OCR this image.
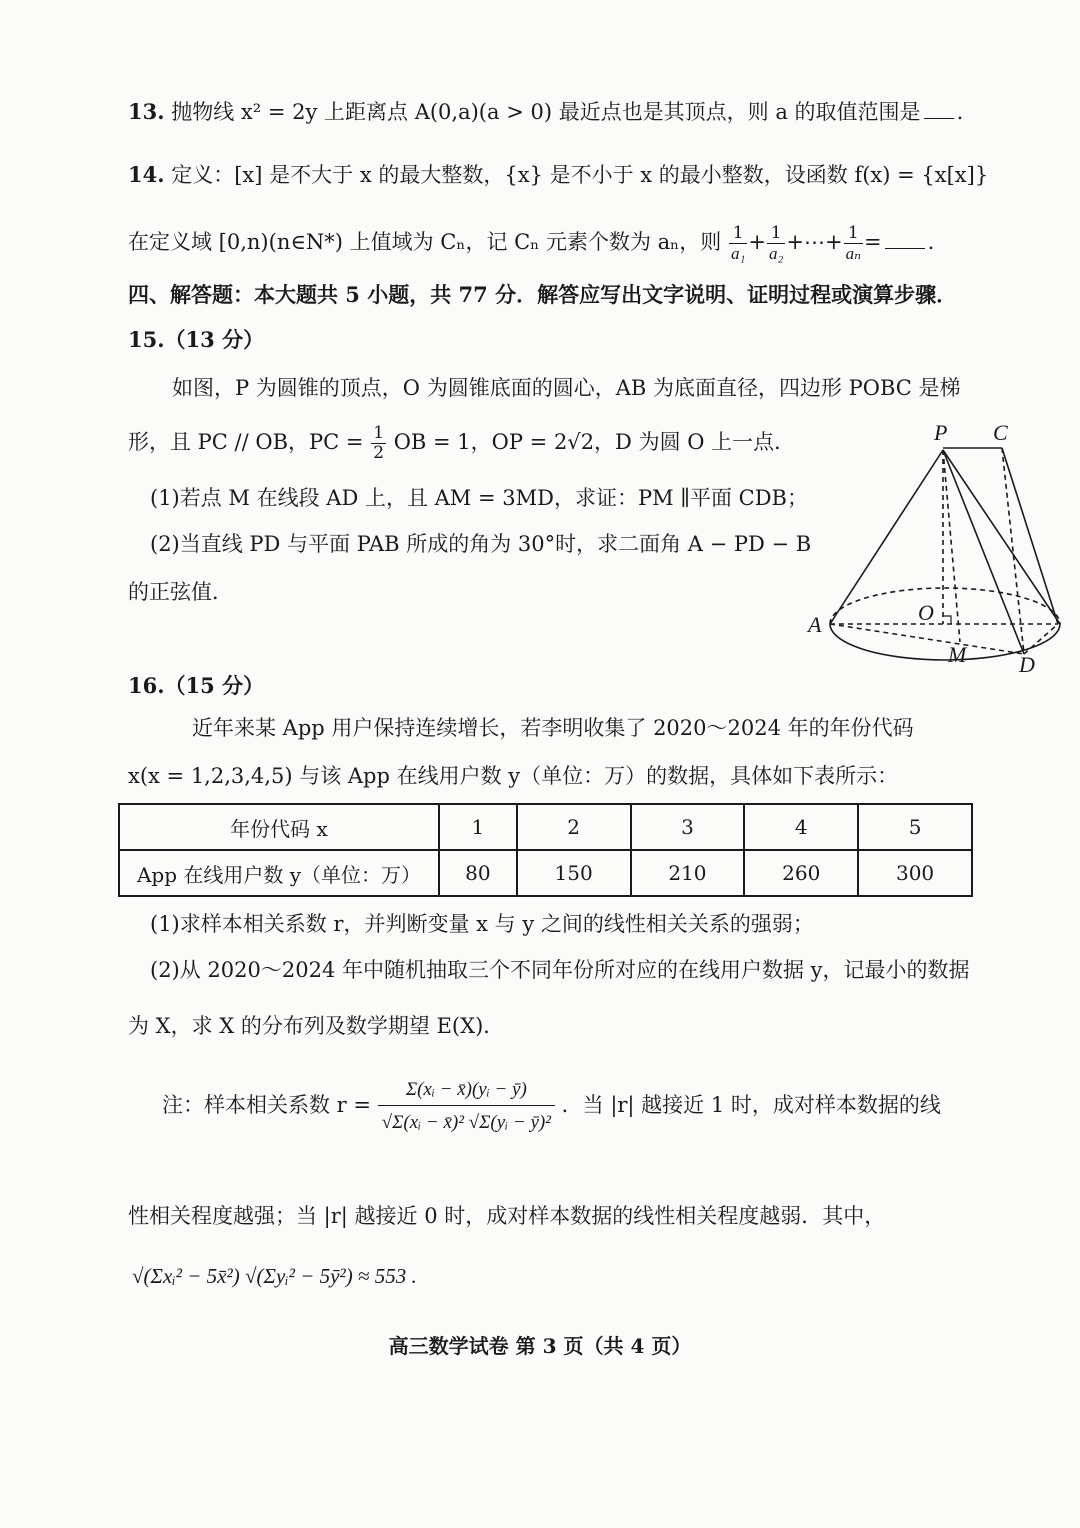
13. 抛物线 x² = 2y 上距离点 A(0,a)(a > 0) 最近点也是其顶点，则 a 的取值范围是 .
14. 定义：[x] 是不大于 x 的最大整数，{x} 是不小于 x 的最小整数，设函数 f(x) = {x[x]}
在定义域 [0,n)(n∈N*) 上值域为 Cₙ，记 Cₙ 元素个数为 aₙ，则 $\frac{1}{\text{a₁}} + \frac{1}{\text{a₂}}$ +⋯+ $\frac{1}{\text{aₙ}}$ = .
四、解答题：本大题共 5 小题，共 77 分．解答应写出文字说明、证明过程或演算步骤．
15.（13 分）
如图，P 为圆锥的顶点，O 为圆锥底面的圆心，AB 为底面直径，四边形 POBC 是梯
形，且 PC // OB，PC = $\frac{1}{2}$ OB = 1，OP = 2√2，D 为圆 O 上一点．
(1)若点 M 在线段 AD 上，且 AM = 3MD，求证：PM ∥平面 CDB；
(2)当直线 PD 与平面 PAB 所成的角为 30°时，求二面角 A − PD − B
的正弦值．
P C
A	O
M D
16.（15 分）
近年来某 App 用户保持连续增长，若李明收集了 2020～2024 年的年份代码
x(x = 1,2,3,4,5) 与该 App 在线用户数 y（单位：万）的数据，具体如下表所示：
年份代码 x	1	2	3	4	5
App 在线用户数 y（单位：万）	80	150	210	260	300
(1)求样本相关系数 r，并判断变量 x 与 y 之间的线性相关关系的强弱；
(2)从 2020～2024 年中随机抽取三个不同年份所对应的在线用户数据 y，记最小的数据
为 X，求 X 的分布列及数学期望 E(X)．
注：样本相关系数 $r = \frac{\text{Σ(xᵢ − x̄)(yᵢ − ȳ)}}{\text{√Σ(xᵢ − x̄)² √Σ(yᵢ − ȳ)²}}$ ．当 |r| 越接近 1 时，成对样本数据的线
性相关程度越强；当 |r| 越接近 0 时，成对样本数据的线性相关程度越弱．其中，
√(Σxᵢ² − 5x̄²) √(Σyᵢ² − 5ȳ²) ≈ 553 .
高三数学试卷 第 3 页（共 4 页）
